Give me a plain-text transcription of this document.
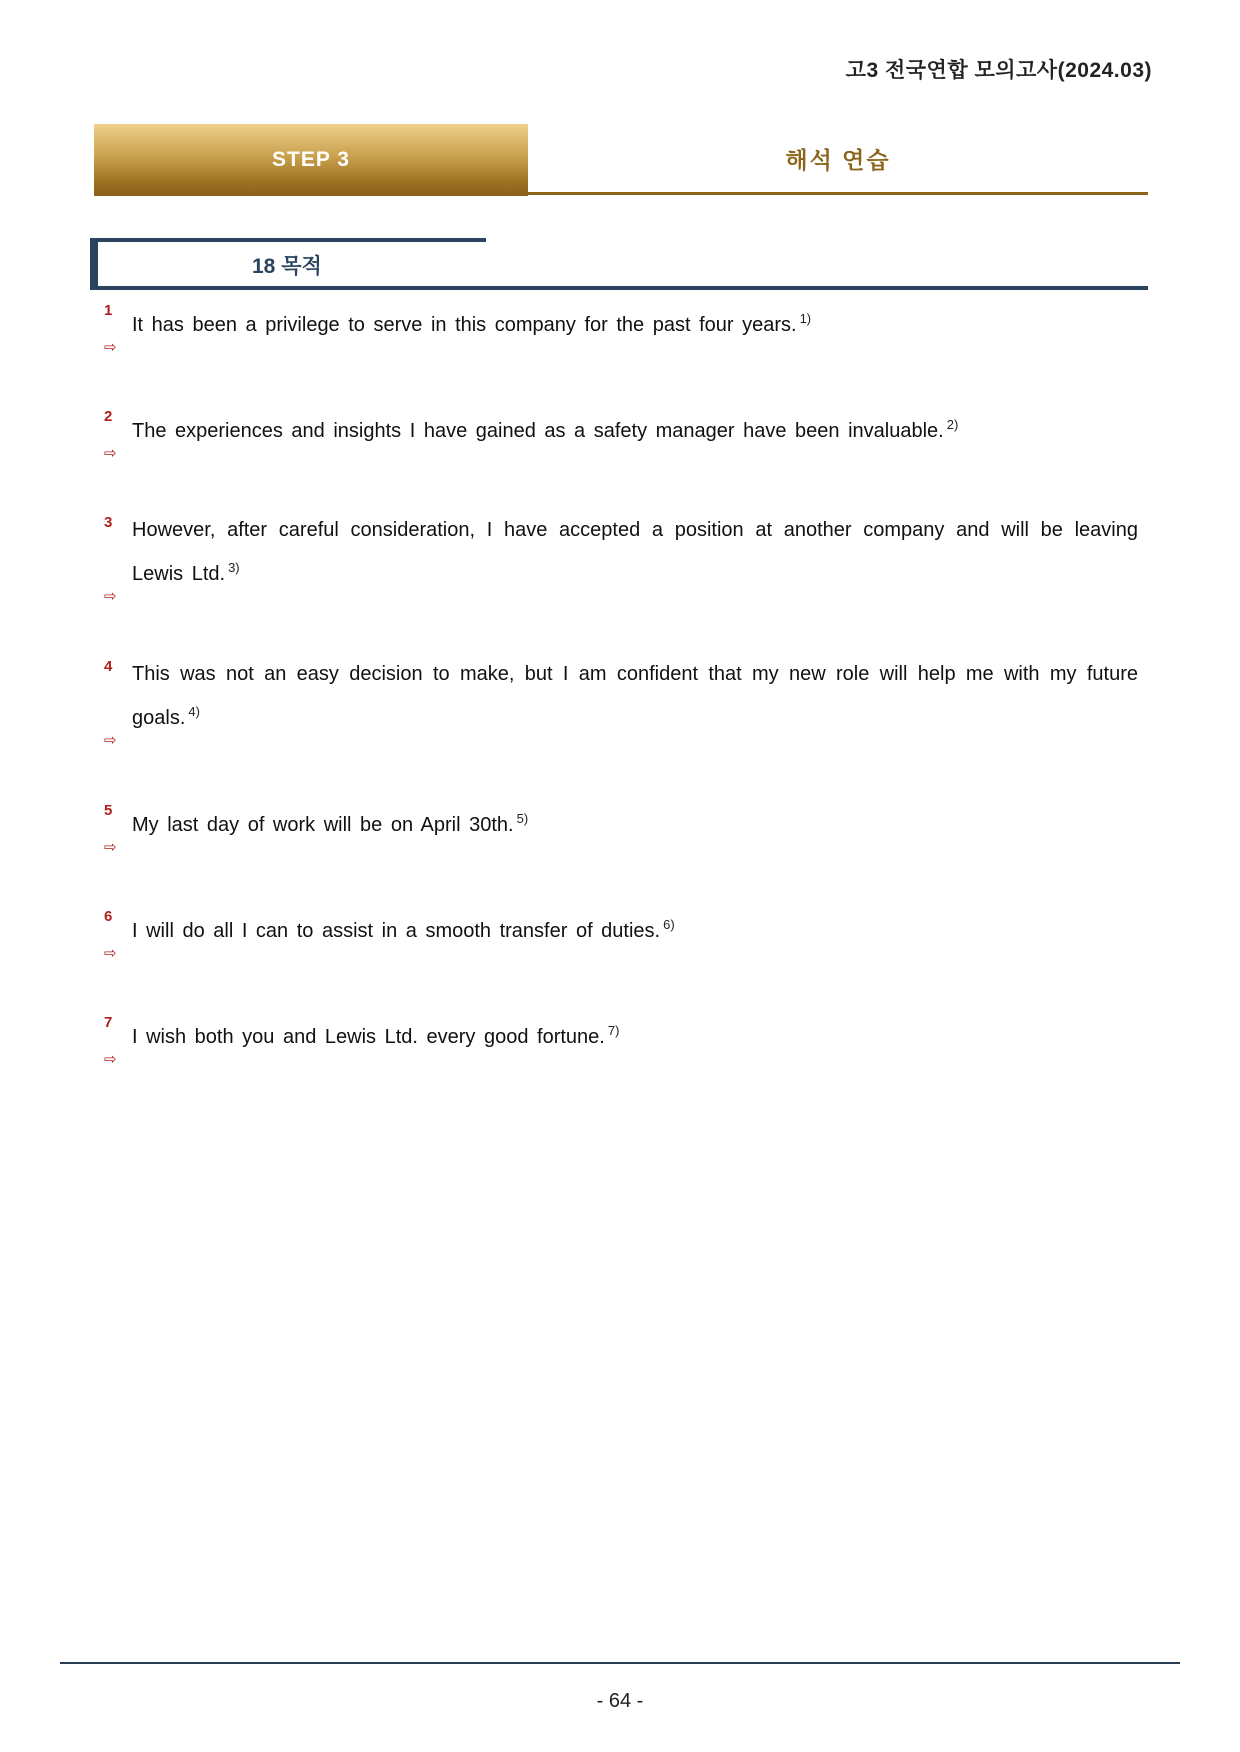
고3 전국연합 모의고사(2024.03)
STEP 3	해석 연습
18 목적
1
It has been a privilege to serve in this company for the past four years. $^{1)}$
⇨
2
The experiences and insights I have gained as a safety manager have been invaluable. $^{2)}$
⇨
3 However, after careful consideration, I have accepted a position at another company and will be leaving Lewis Ltd. $^{3)}$
⇨
4 This was not an easy decision to make, but I am confident that my new role will help me with my future goals. $^{4)}$
⇨
5
My last day of work will be on April 30th. $^{5)}$
⇨
6
I will do all I can to assist in a smooth transfer of duties. $^{6)}$
⇨
7
I wish both you and Lewis Ltd. every good fortune. $^{7)}$
⇨
- 64 -
